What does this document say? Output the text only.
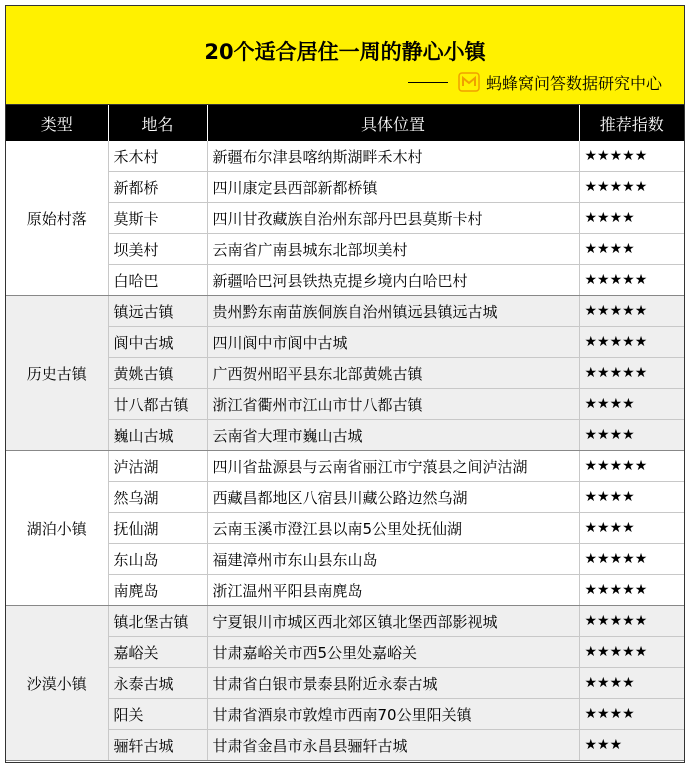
20个适合居住一周的静心小镇
蚂蜂窝问答数据研究中心
类型	地名	具体位置	推荐指数
原始村落	禾木村	新疆布尔津县喀纳斯湖畔禾木村	★★★★★
	新都桥	四川康定县西部新都桥镇	★★★★★
	莫斯卡	四川甘孜藏族自治州东部丹巴县莫斯卡村	★★★★
	坝美村	云南省广南县城东北部坝美村	★★★★
	白哈巴	新疆哈巴河县铁热克提乡境内白哈巴村	★★★★★
历史古镇	镇远古镇	贵州黔东南苗族侗族自治州镇远县镇远古城	★★★★★
	阆中古城	四川阆中市阆中古城	★★★★★
	黄姚古镇	广西贺州昭平县东北部黄姚古镇	★★★★★
	廿八都古镇	浙江省衢州市江山市廿八都古镇	★★★★
	巍山古城	云南省大理市巍山古城	★★★★
湖泊小镇	泸沽湖	四川省盐源县与云南省丽江市宁蒗县之间泸沽湖	★★★★★
	然乌湖	西藏昌都地区八宿县川藏公路边然乌湖	★★★★
	抚仙湖	云南玉溪市澄江县以南5公里处抚仙湖	★★★★
	东山岛	福建漳州市东山县东山岛	★★★★★
	南麂岛	浙江温州平阳县南麂岛	★★★★★
沙漠小镇	镇北堡古镇	宁夏银川市城区西北郊区镇北堡西部影视城	★★★★★
	嘉峪关	甘肃嘉峪关市西5公里处嘉峪关	★★★★★
	永泰古城	甘肃省白银市景泰县附近永泰古城	★★★★
	阳关	甘肃省酒泉市敦煌市西南70公里阳关镇	★★★★
	骊轩古城	甘肃省金昌市永昌县骊轩古城	★★★
